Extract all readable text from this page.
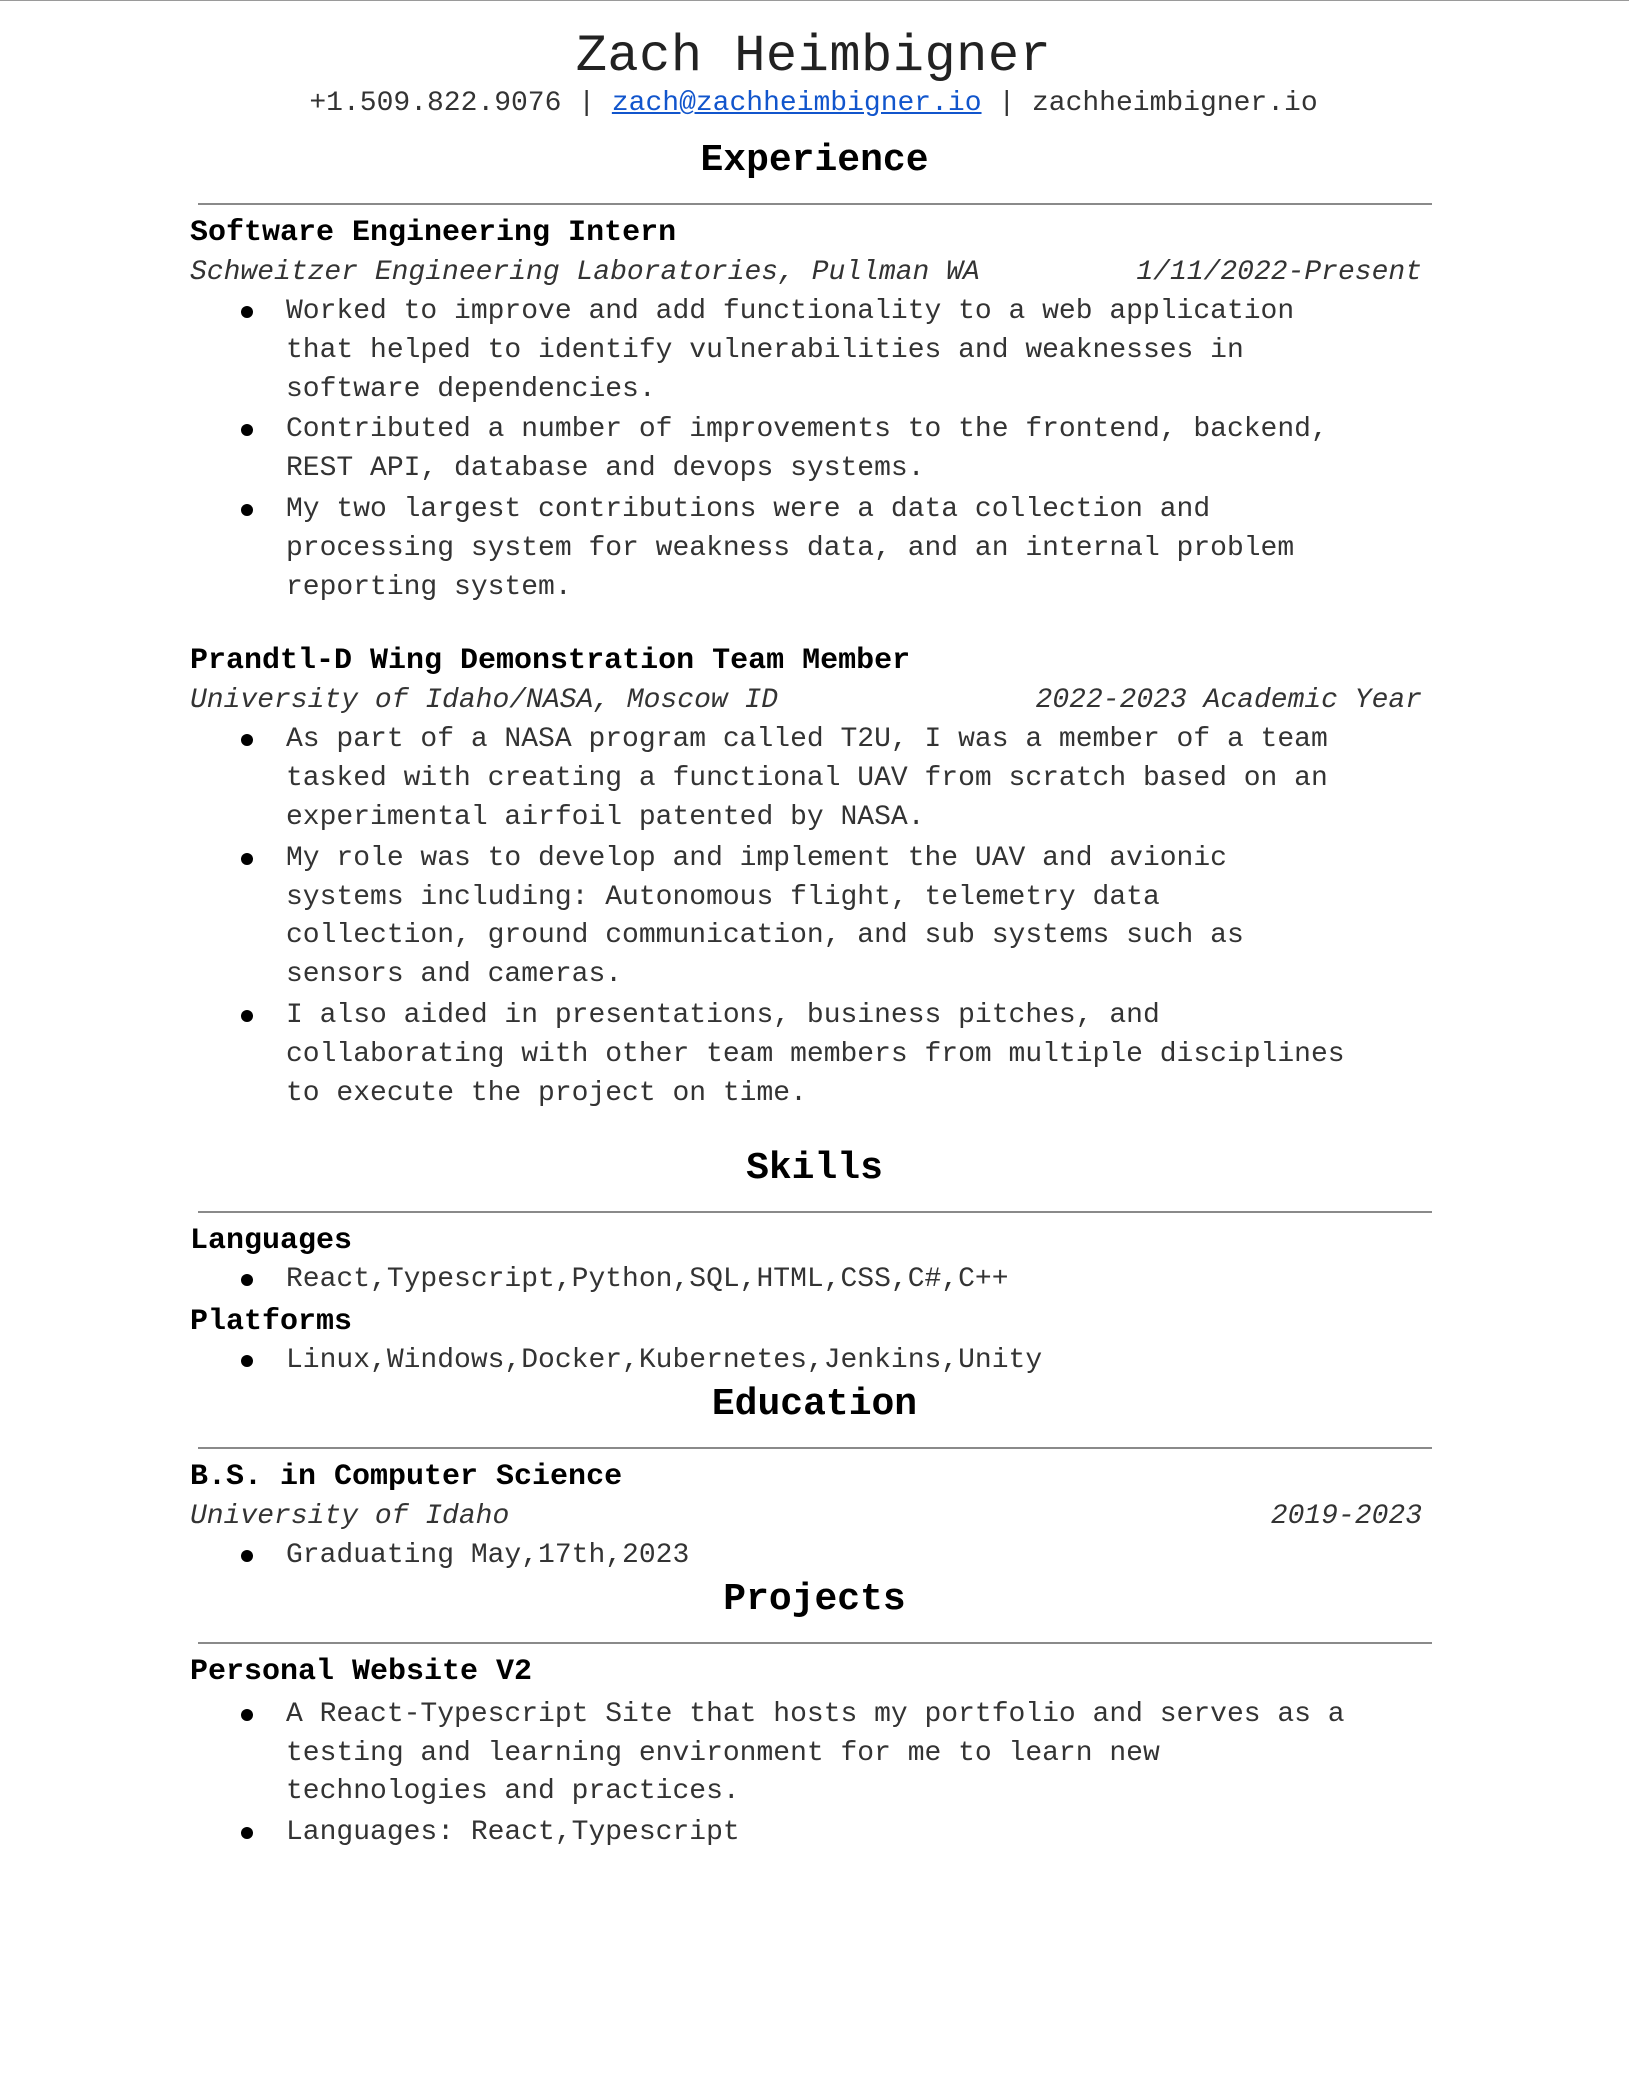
Zach Heimbigner
+1.509.822.9076 | zach@zachheimbigner.io | zachheimbigner.io
Experience
Software Engineering Intern
Schweitzer Engineering Laboratories, Pullman WA	1/11/2022-Present
Worked to improve and add functionality to a web application that helped to identify vulnerabilities and weaknesses in software dependencies.
Contributed a number of improvements to the frontend, backend, REST API, database and devops systems.
My two largest contributions were a data collection and processing system for weakness data, and an internal problem reporting system.
Prandtl-D Wing Demonstration Team Member
University of Idaho/NASA, Moscow ID	2022-2023 Academic Year
As part of a NASA program called T2U, I was a member of a team tasked with creating a functional UAV from scratch based on an experimental airfoil patented by NASA.
My role was to develop and implement the UAV and avionic systems including: Autonomous flight, telemetry data collection, ground communication, and sub systems such as sensors and cameras.
I also aided in presentations, business pitches, and collaborating with other team members from multiple disciplines to execute the project on time.
Skills
Languages
React,Typescript,Python,SQL,HTML,CSS,C#,C++
Platforms
Linux,Windows,Docker,Kubernetes,Jenkins,Unity
Education
B.S. in Computer Science
University of Idaho	2019-2023
Graduating May,17th,2023
Projects
Personal Website V2
A React-Typescript Site that hosts my portfolio and serves as a testing and learning environment for me to learn new technologies and practices.
Languages: React,Typescript
